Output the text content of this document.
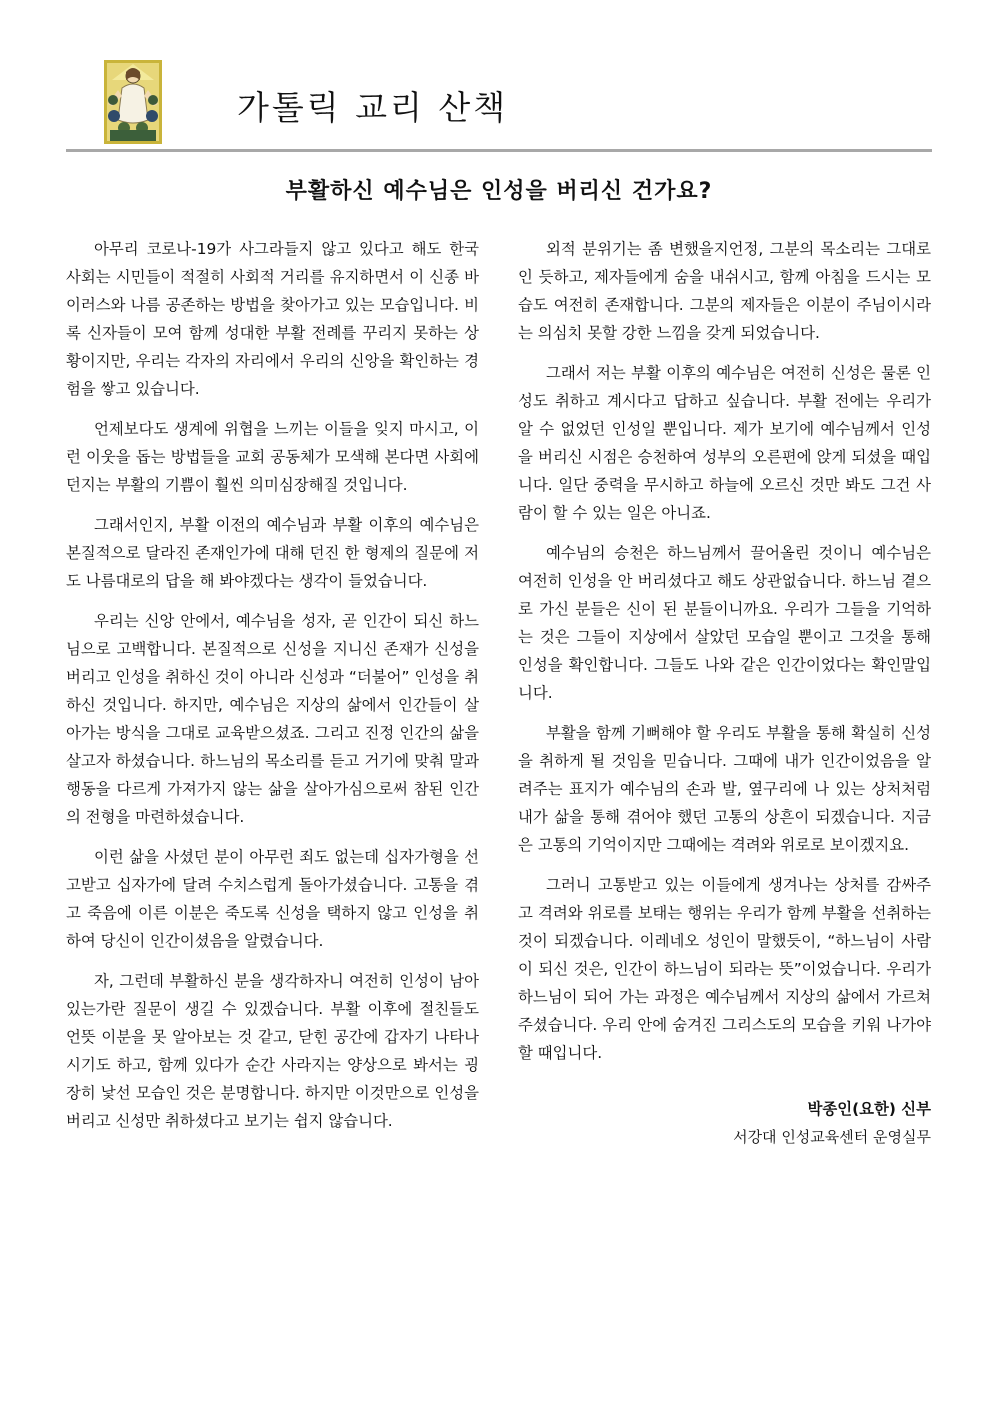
가톨릭 교리 산책
부활하신 예수님은 인성을 버리신 건가요?

아무리 코로나-19가 사그라들지 않고 있다고 해도 한국 사회는 시민들이 적절히 사회적 거리를 유지하면서 이 신종 바이러스와 나름 공존하는 방법을 찾아가고 있는 모습입니다. 비록 신자들이 모여 함께 성대한 부활 전례를 꾸리지 못하는 상황이지만, 우리는 각자의 자리에서 우리의 신앙을 확인하는 경험을 쌓고 있습니다.

언제보다도 생계에 위협을 느끼는 이들을 잊지 마시고, 이런 이웃을 돕는 방법들을 교회 공동체가 모색해 본다면 사회에 던지는 부활의 기쁨이 훨씬 의미심장해질 것입니다.

그래서인지, 부활 이전의 예수님과 부활 이후의 예수님은 본질적으로 달라진 존재인가에 대해 던진 한 형제의 질문에 저도 나름대로의 답을 해 봐야겠다는 생각이 들었습니다.

우리는 신앙 안에서, 예수님을 성자, 곧 인간이 되신 하느님으로 고백합니다. 본질적으로 신성을 지니신 존재가 신성을 버리고 인성을 취하신 것이 아니라 신성과 “더불어” 인성을 취하신 것입니다. 하지만, 예수님은 지상의 삶에서 인간들이 살아가는 방식을 그대로 교육받으셨죠. 그리고 진정 인간의 삶을 살고자 하셨습니다. 하느님의 목소리를 듣고 거기에 맞춰 말과 행동을 다르게 가져가지 않는 삶을 살아가심으로써 참된 인간의 전형을 마련하셨습니다.

이런 삶을 사셨던 분이 아무런 죄도 없는데 십자가형을 선고받고 십자가에 달려 수치스럽게 돌아가셨습니다. 고통을 겪고 죽음에 이른 이분은 죽도록 신성을 택하지 않고 인성을 취하여 당신이 인간이셨음을 알렸습니다.

자, 그런데 부활하신 분을 생각하자니 여전히 인성이 남아 있는가란 질문이 생길 수 있겠습니다. 부활 이후에 절친들도 언뜻 이분을 못 알아보는 것 같고, 닫힌 공간에 갑자기 나타나시기도 하고, 함께 있다가 순간 사라지는 양상으로 봐서는 굉장히 낯선 모습인 것은 분명합니다. 하지만 이것만으로 인성을 버리고 신성만 취하셨다고 보기는 쉽지 않습니다.

외적 분위기는 좀 변했을지언정, 그분의 목소리는 그대로인 듯하고, 제자들에게 숨을 내쉬시고, 함께 아침을 드시는 모습도 여전히 존재합니다. 그분의 제자들은 이분이 주님이시라는 의심치 못할 강한 느낌을 갖게 되었습니다.

그래서 저는 부활 이후의 예수님은 여전히 신성은 물론 인성도 취하고 계시다고 답하고 싶습니다. 부활 전에는 우리가 알 수 없었던 인성일 뿐입니다. 제가 보기에 예수님께서 인성을 버리신 시점은 승천하여 성부의 오른편에 앉게 되셨을 때입니다. 일단 중력을 무시하고 하늘에 오르신 것만 봐도 그건 사람이 할 수 있는 일은 아니죠.

예수님의 승천은 하느님께서 끌어올린 것이니 예수님은 여전히 인성을 안 버리셨다고 해도 상관없습니다. 하느님 곁으로 가신 분들은 신이 된 분들이니까요. 우리가 그들을 기억하는 것은 그들이 지상에서 살았던 모습일 뿐이고 그것을 통해 인성을 확인합니다. 그들도 나와 같은 인간이었다는 확인말입니다.

부활을 함께 기뻐해야 할 우리도 부활을 통해 확실히 신성을 취하게 될 것임을 믿습니다. 그때에 내가 인간이었음을 알려주는 표지가 예수님의 손과 발, 옆구리에 나 있는 상처처럼 내가 삶을 통해 겪어야 했던 고통의 상흔이 되겠습니다. 지금은 고통의 기억이지만 그때에는 격려와 위로로 보이겠지요.

그러니 고통받고 있는 이들에게 생겨나는 상처를 감싸주고 격려와 위로를 보태는 행위는 우리가 함께 부활을 선취하는 것이 되겠습니다. 이레네오 성인이 말했듯이, “하느님이 사람이 되신 것은, 인간이 하느님이 되라는 뜻”이었습니다. 우리가 하느님이 되어 가는 과정은 예수님께서 지상의 삶에서 가르쳐 주셨습니다. 우리 안에 숨겨진 그리스도의 모습을 키워 나가야 할 때입니다.

박종인(요한) 신부
서강대 인성교육센터 운영실무
